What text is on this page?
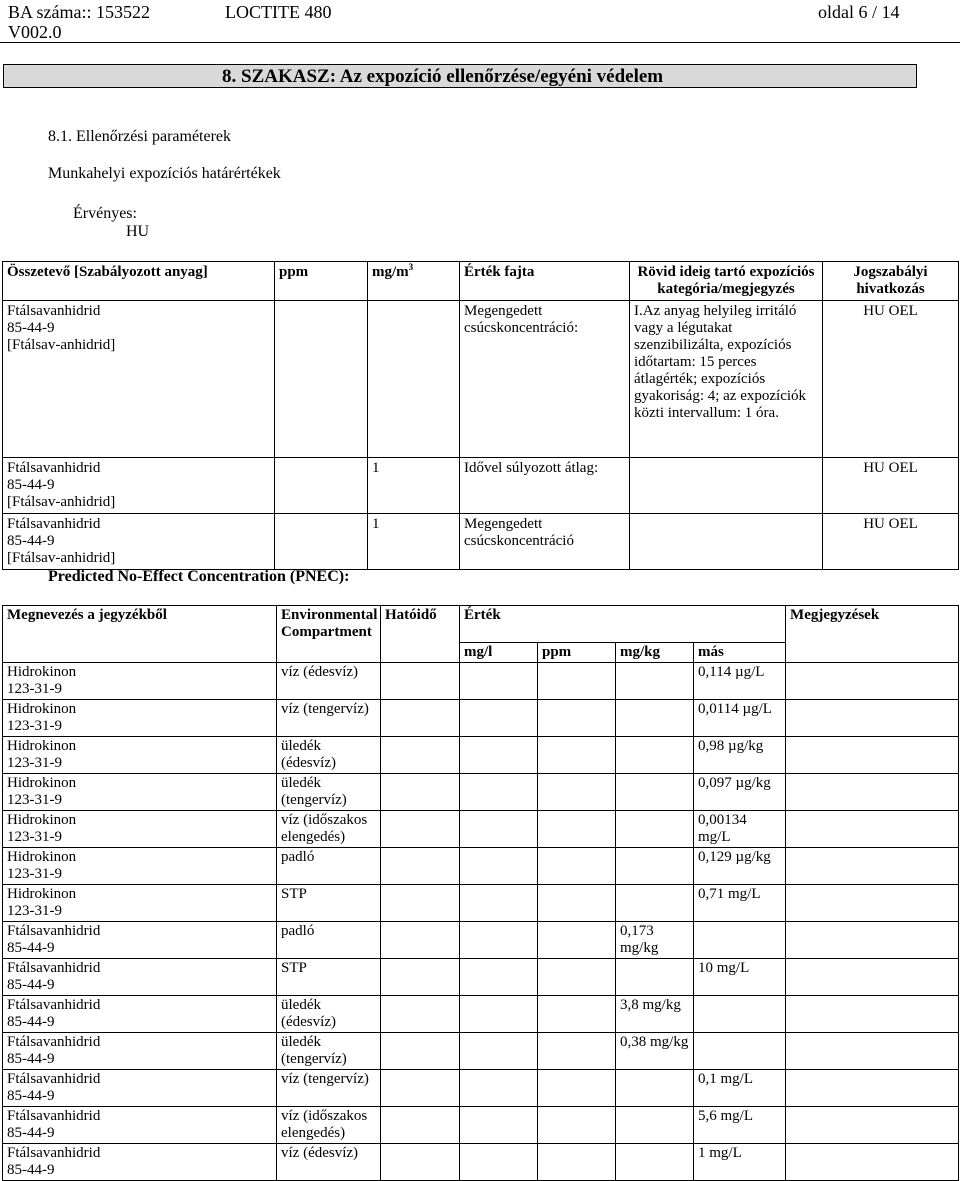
BA száma:: 153522	LOCTITE 480	oldal 6 / 14
V002.0
8. SZAKASZ: Az expozíció ellenőrzése/egyéni védelem
8.1. Ellenőrzési paraméterek
Munkahelyi expozíciós határértékek
Érvényes:
HU
Összetevő [Szabályozott anyag]	ppm	$mg/m^3$	Érték fajta	Rövid ideig tartó expozíciós kategória/megjegyzés	Jogszabályi hivatkozás
Ftálsavanhidrid
85-44-9
[Ftálsav-anhidrid]			Megengedett csúcskoncentráció:	I.Az anyag helyileg irritáló vagy a légutakat szenzibilizálta, expozíciós időtartam: 15 perces átlagérték; expozíciós gyakoriság: 4; az expozíciók közti intervallum: 1 óra.	HU OEL
Ftálsavanhidrid
85-44-9
[Ftálsav-anhidrid]		1	Idővel súlyozott átlag:		HU OEL
Ftálsavanhidrid
85-44-9
[Ftálsav-anhidrid]		1	Megengedett csúcskoncentráció		HU OEL
Predicted No-Effect Concentration (PNEC):
Megnevezés a jegyzékből	Environmental Compartment	Hatóidő	Érték				Megjegyzések
			mg/l	ppm	mg/kg	más	
Hidrokinon
123-31-9	víz (édesvíz)					0,114 µg/L	
Hidrokinon
123-31-9	víz (tengervíz)					0,0114 µg/L	
Hidrokinon
123-31-9	üledék
(édesvíz)					0,98 µg/kg	
Hidrokinon
123-31-9	üledék
(tengervíz)					0,097 µg/kg	
Hidrokinon
123-31-9	víz (időszakos
elengedés)					0,00134 mg/L	
Hidrokinon
123-31-9	padló					0,129 µg/kg	
Hidrokinon
123-31-9	STP					0,71 mg/L	
Ftálsavanhidrid
85-44-9	padló				0,173
mg/kg		
Ftálsavanhidrid
85-44-9	STP					10 mg/L	
Ftálsavanhidrid
85-44-9	üledék
(édesvíz)				3,8 mg/kg		
Ftálsavanhidrid
85-44-9	üledék
(tengervíz)				0,38 mg/kg		
Ftálsavanhidrid
85-44-9	víz (tengervíz)					0,1 mg/L	
Ftálsavanhidrid
85-44-9	víz (időszakos
elengedés)					5,6 mg/L	
Ftálsavanhidrid
85-44-9	víz (édesvíz)					1 mg/L	
